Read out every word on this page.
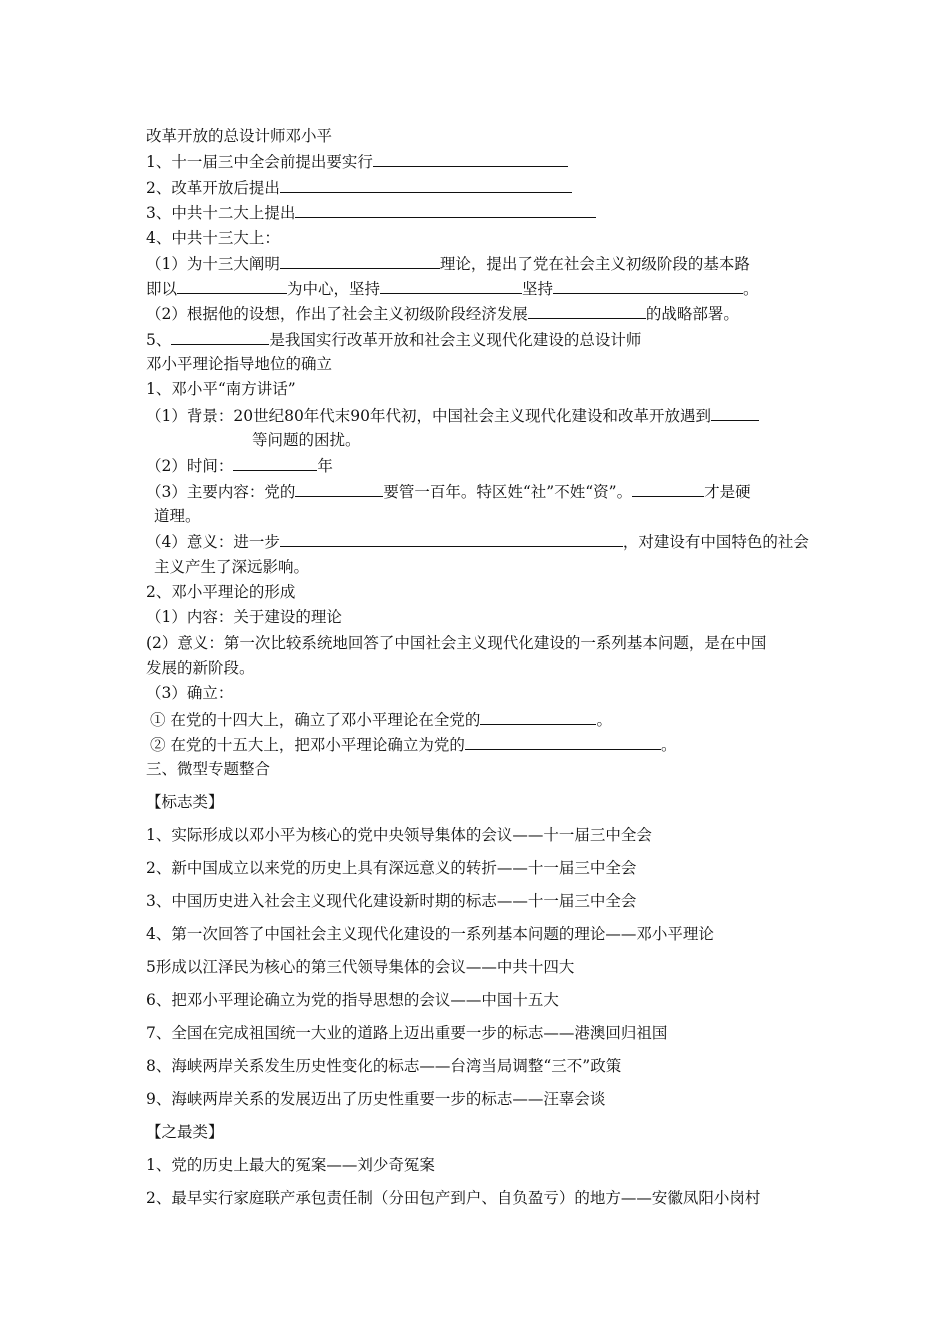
改革开放的总设计师邓小平
1、十一届三中全会前提出要实行
2、改革开放后提出
3、中共十二大上提出
4、中共十三大上：
（1）为十三大阐明	理论，提出了党在社会主义初级阶段的基本路
即以	为中心，坚持	坚持	。
（2）根据他的设想，作出了社会主义初级阶段经济发展	的战略部署。
5、	是我国实行改革开放和社会主义现代化建设的总设计师
邓小平理论指导地位的确立
1、邓小平“南方讲话”
（1）背景：20世纪80年代末90年代初，中国社会主义现代化建设和改革开放遇到
等问题的困扰。
（2）时间：	年
（3）主要内容：党的	要管一百年。特区姓“社”不姓“资”。	才是硬
道理。
（4）意义：进一步	，对建设有中国特色的社会
主义产生了深远影响。
2、邓小平理论的形成
（1）内容：关于建设的理论
(2）意义：第一次比较系统地回答了中国社会主义现代化建设的一系列基本问题，是在中国
发展的新阶段。
（3）确立：
① 在党的十四大上，确立了邓小平理论在全党的	。
② 在党的十五大上，把邓小平理论确立为党的	。
三、微型专题整合
【标志类】
1、实际形成以邓小平为核心的党中央领导集体的会议——十一届三中全会
2、新中国成立以来党的历史上具有深远意义的转折——十一届三中全会
3、中国历史进入社会主义现代化建设新时期的标志——十一届三中全会
4、第一次回答了中国社会主义现代化建设的一系列基本问题的理论——邓小平理论
5形成以江泽民为核心的第三代领导集体的会议——中共十四大
6、把邓小平理论确立为党的指导思想的会议——中国十五大
7、全国在完成祖国统一大业的道路上迈出重要一步的标志——港澳回归祖国
8、海峡两岸关系发生历史性变化的标志——台湾当局调整“三不”政策
9、海峡两岸关系的发展迈出了历史性重要一步的标志——汪辜会谈
【之最类】
1、党的历史上最大的冤案——刘少奇冤案
2、最早实行家庭联产承包责任制（分田包产到户、自负盈亏）的地方——安徽凤阳小岗村
